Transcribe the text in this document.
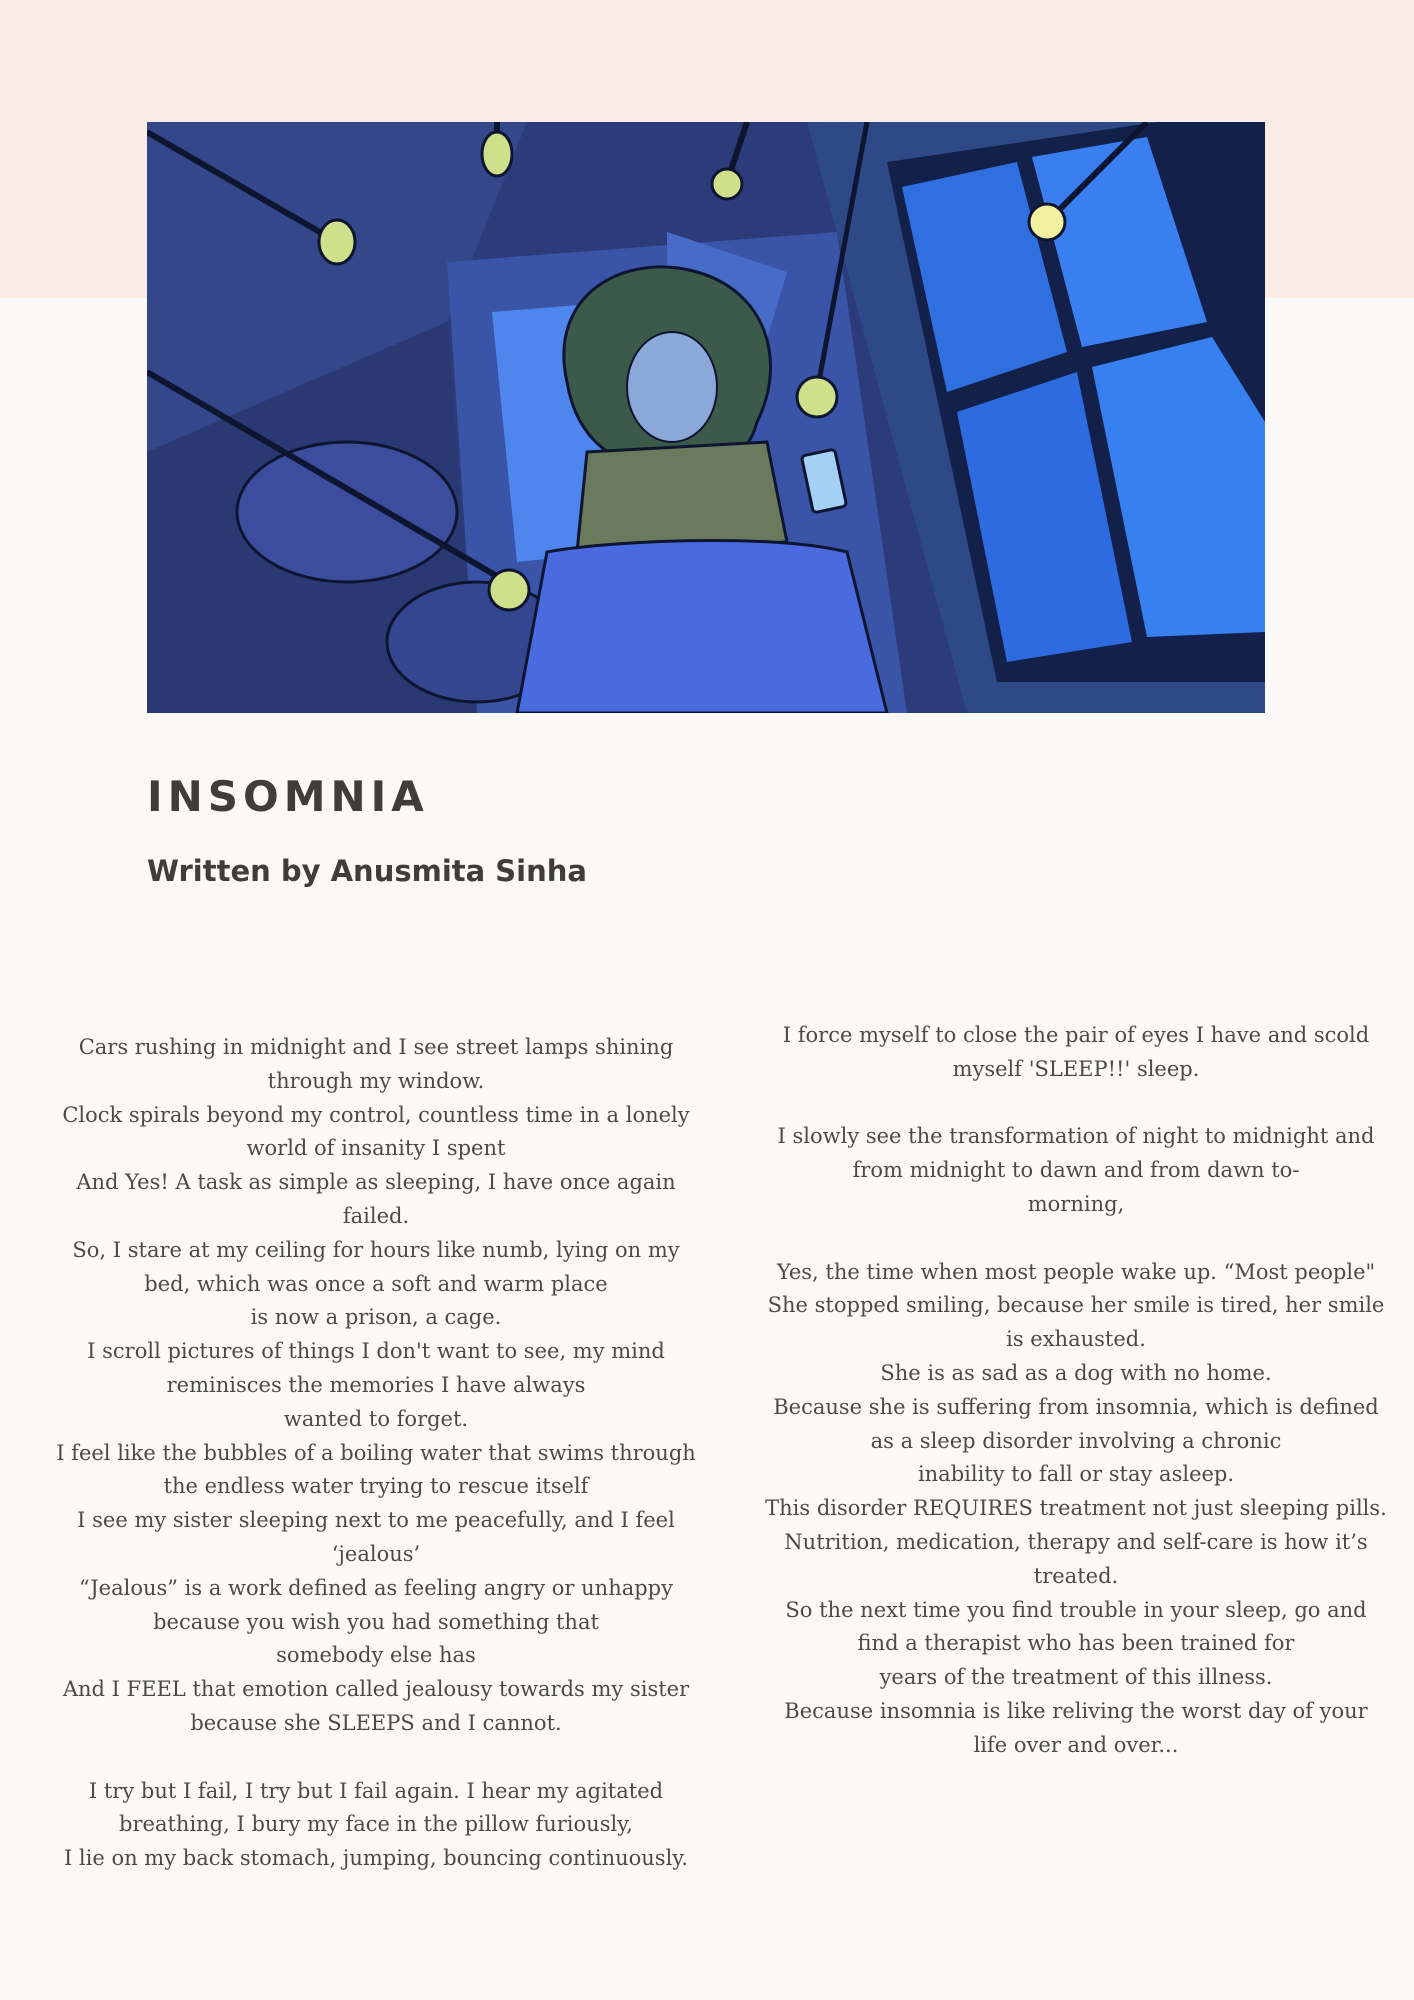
INSOMNIA
Written by Anusmita Sinha
Cars rushing in midnight and I see street lamps shining
through my window.
Clock spirals beyond my control, countless time in a lonely
world of insanity I spent
And Yes! A task as simple as sleeping, I have once again
failed.
So, I stare at my ceiling for hours like numb, lying on my
bed, which was once a soft and warm place
is now a prison, a cage.
I scroll pictures of things I don't want to see, my mind
reminisces the memories I have always
wanted to forget.
I feel like the bubbles of a boiling water that swims through
the endless water trying to rescue itself
I see my sister sleeping next to me peacefully, and I feel
‘jealous’
“Jealous” is a work defined as feeling angry or unhappy
because you wish you had something that
somebody else has
And I FEEL that emotion called jealousy towards my sister
because she SLEEPS and I cannot.
I try but I fail, I try but I fail again. I hear my agitated
breathing, I bury my face in the pillow furiously,
I lie on my back stomach, jumping, bouncing continuously.
I force myself to close the pair of eyes I have and scold
myself 'SLEEP!!' sleep.
I slowly see the transformation of night to midnight and
from midnight to dawn and from dawn to-
morning,
Yes, the time when most people wake up. “Most people"
She stopped smiling, because her smile is tired, her smile
is exhausted.
She is as sad as a dog with no home.
Because she is suffering from insomnia, which is defined
as a sleep disorder involving a chronic
inability to fall or stay asleep.
This disorder REQUIRES treatment not just sleeping pills.
Nutrition, medication, therapy and self-care is how it’s
treated.
So the next time you find trouble in your sleep, go and
find a therapist who has been trained for
years of the treatment of this illness.
Because insomnia is like reliving the worst day of your
life over and over...
